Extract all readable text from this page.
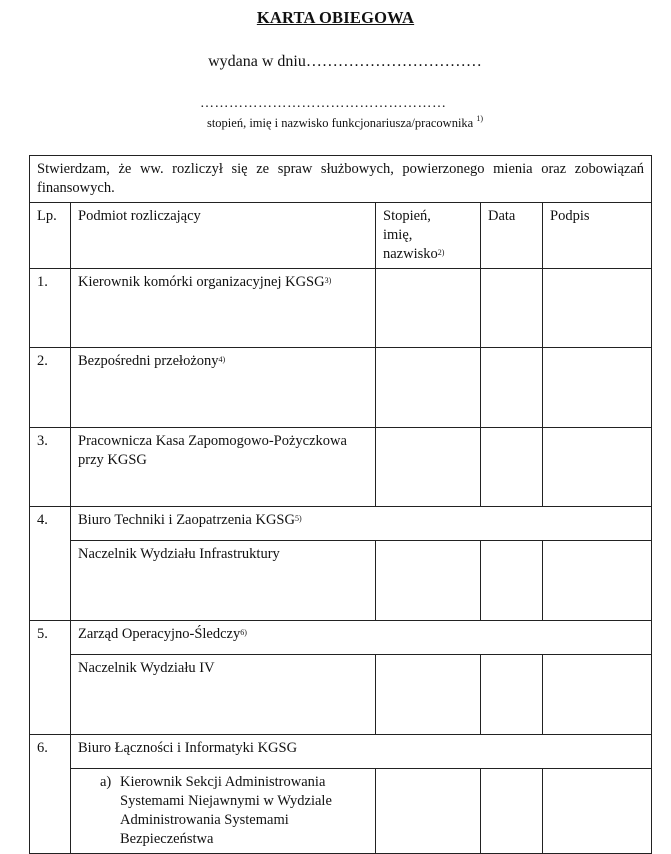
KARTA OBIEGOWA
wydana w dniu……………………………
……………………………………………
stopień, imię i nazwisko funkcjonariusza/pracownika $^{1)}$
Stwierdzam, że ww. rozliczył się ze spraw służbowych, powierzonego mienia oraz zobowiązań finansowych.				
Lp.	Podmiot rozliczający	Stopień,
imię,
nazwisko$^{2)}$	Data	Podpis
1.	Kierownik komórki organizacyjnej KGSG$^{3)}$			
2.	Bezpośredni przełożony$^{4)}$			
3.	Pracownicza Kasa Zapomogowo-Pożyczkowa przy KGSG			
4.	Biuro Techniki i Zaopatrzenia KGSG$^{5)}$
	Naczelnik Wydziału Infrastruktury			
5.	Zarząd Operacyjno-Śledczy$^{6)}$
	Naczelnik Wydziału IV			
6.	Biuro Łączności i Informatyki KGSG			

	a) Kierownik Sekcji Administrowania Systemami Niejawnymi w Wydziale Administrowania Systemami Bezpieczeństwa			
